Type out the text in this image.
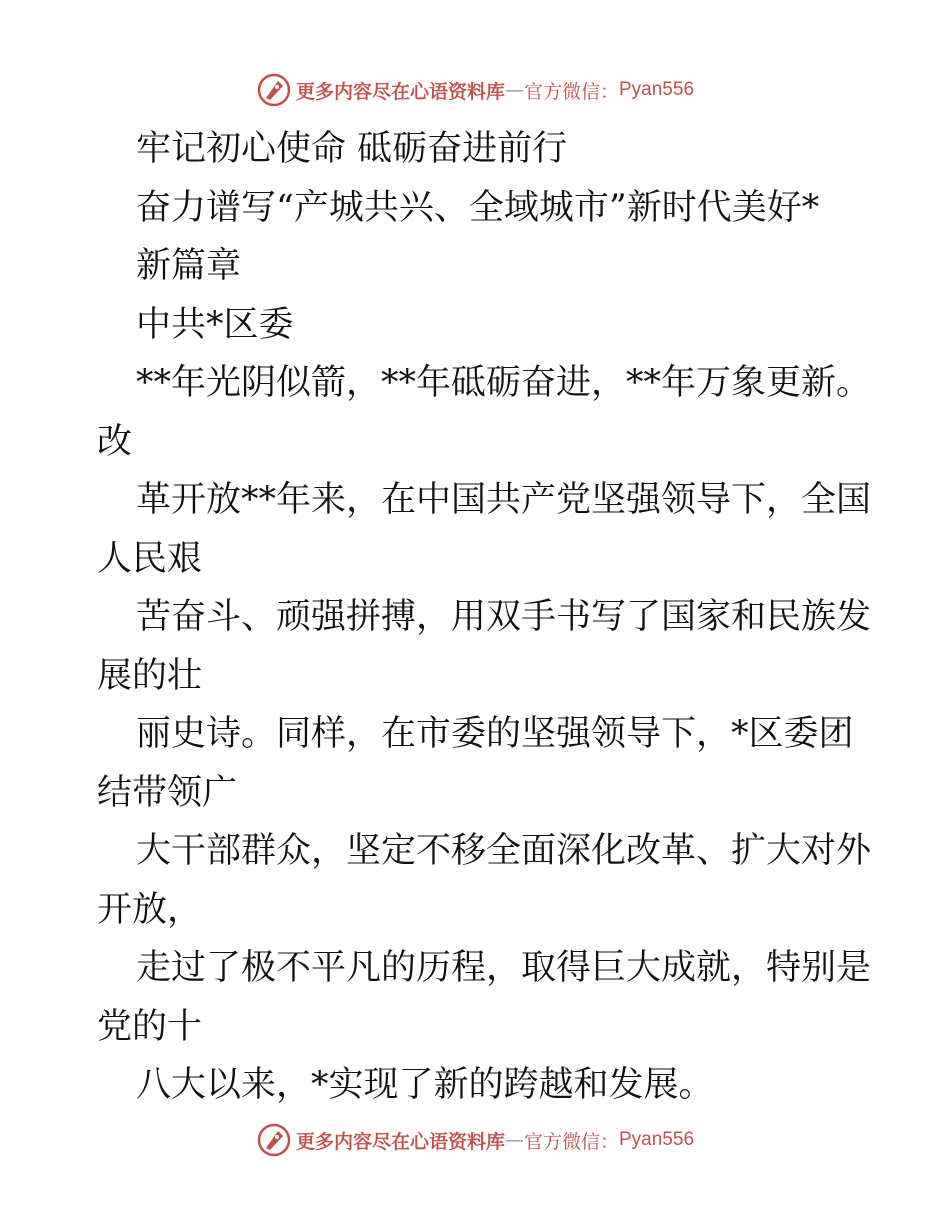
更多内容尽在心语资料库 — 官方微信： Pyan556
牢记初心使命 砥砺奋进前行
奋力谱写“产城共兴、全域城市”新时代美好*
新篇章
中共*区委
**年光阴似箭，**年砥砺奋进，**年万象更新。
改
革开放**年来，在中国共产党坚强领导下，全国
人民艰
苦奋斗、顽强拼搏，用双手书写了国家和民族发
展的壮
丽史诗。同样，在市委的坚强领导下，*区委团
结带领广
大干部群众，坚定不移全面深化改革、扩大对外
开放，
走过了极不平凡的历程，取得巨大成就，特别是
党的十
八大以来，*实现了新的跨越和发展。
更多内容尽在心语资料库 — 官方微信： Pyan556
